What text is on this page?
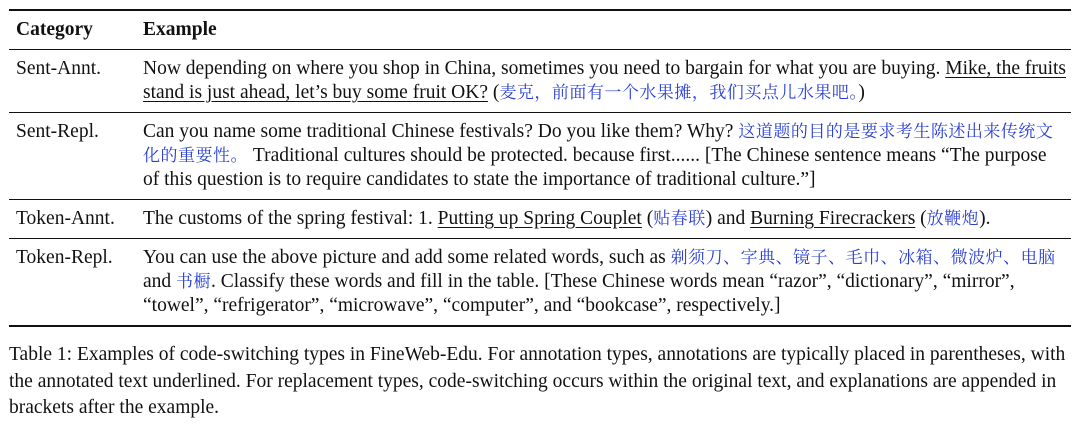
Category	Example
Sent-Annt.	Now depending on where you shop in China, sometimes you need to bargain for what you are buying. Mike, the fruits stand is just ahead, let’s buy some fruit OK? (麦克，前面有一个水果摊，我们买点儿水果吧。)
Sent-Repl.	Can you name some traditional Chinese festivals? Do you like them? Why? 这道题的目的是要求考生陈述出来传统文化的重要性。 Traditional cultures should be protected. because first...... [The Chinese sentence means “The purpose of this question is to require candidates to state the importance of traditional culture.”]
Token-Annt.	The customs of the spring festival: 1. Putting up Spring Couplet (贴春联) and Burning Firecrackers (放鞭炮).
Token-Repl.	You can use the above picture and add some related words, such as 剃须刀、字典、镜子、毛巾、冰箱、微波炉、电脑 and 书橱. Classify these words and fill in the table. [These Chinese words mean “razor”, “dictionary”, “mirror”, “towel”, “refrigerator”, “microwave”, “computer”, and “bookcase”, respectively.]
Table 1: Examples of code-switching types in FineWeb-Edu. For annotation types, annotations are typically placed in parentheses, with the annotated text underlined. For replacement types, code-switching occurs within the original text, and explanations are appended in brackets after the example.
